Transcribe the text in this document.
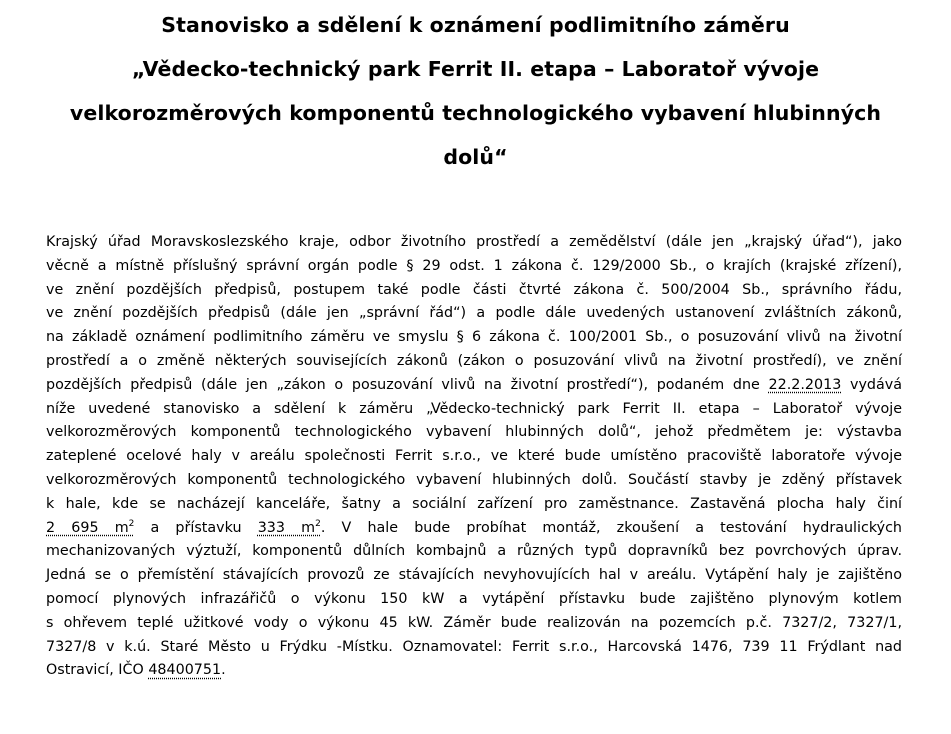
Stanovisko a sdělení k oznámení podlimitního záměru
„Vědecko-technický park Ferrit II. etapa – Laboratoř vývoje
velkorozměrových komponentů technologického vybavení hlubinných
dolů“
Krajský úřad Moravskoslezského kraje, odbor životního prostředí a zemědělství (dále jen „krajský úřad“), jako
věcně a místně příslušný správní orgán podle § 29 odst. 1 zákona č. 129/2000 Sb., o krajích (krajské zřízení),
ve znění pozdějších předpisů, postupem také podle části čtvrté zákona č. 500/2004 Sb., správního řádu,
ve znění pozdějších předpisů (dále jen „správní řád“) a podle dále uvedených ustanovení zvláštních zákonů,
na základě oznámení podlimitního záměru ve smyslu § 6 zákona č. 100/2001 Sb., o posuzování vlivů na životní
prostředí a o změně některých souvisejících zákonů (zákon o posuzování vlivů na životní prostředí), ve znění
pozdějších předpisů (dále jen „zákon o posuzování vlivů na životní prostředí“), podaném dne 22.2.2013 vydává
níže uvedené stanovisko a sdělení k záměru „Vědecko-technický park Ferrit II. etapa – Laboratoř vývoje
velkorozměrových komponentů technologického vybavení hlubinných dolů“, jehož předmětem je: výstavba
zateplené ocelové haly v areálu společnosti Ferrit s.r.o., ve které bude umístěno pracoviště laboratoře vývoje
velkorozměrových komponentů technologického vybavení hlubinných dolů. Součástí stavby je zděný přístavek
k hale, kde se nacházejí kanceláře, šatny a sociální zařízení pro zaměstnance. Zastavěná plocha haly činí
2 695 $m^2$ a přístavku 333 $m^2$. V hale bude probíhat montáž, zkoušení a testování hydraulických
mechanizovaných výztuží, komponentů důlních kombajnů a různých typů dopravníků bez povrchových úprav.
Jedná se o přemístění stávajících provozů ze stávajících nevyhovujících hal v areálu. Vytápění haly je zajištěno
pomocí plynových infrazářičů o výkonu 150 kW a vytápění přístavku bude zajištěno plynovým kotlem
s ohřevem teplé užitkové vody o výkonu 45 kW. Záměr bude realizován na pozemcích p.č. 7327/2, 7327/1,
7327/8 v k.ú. Staré Město u Frýdku -Místku. Oznamovatel: Ferrit s.r.o., Harcovská 1476, 739 11 Frýdlant nad
Ostravicí, IČO 48400751.
